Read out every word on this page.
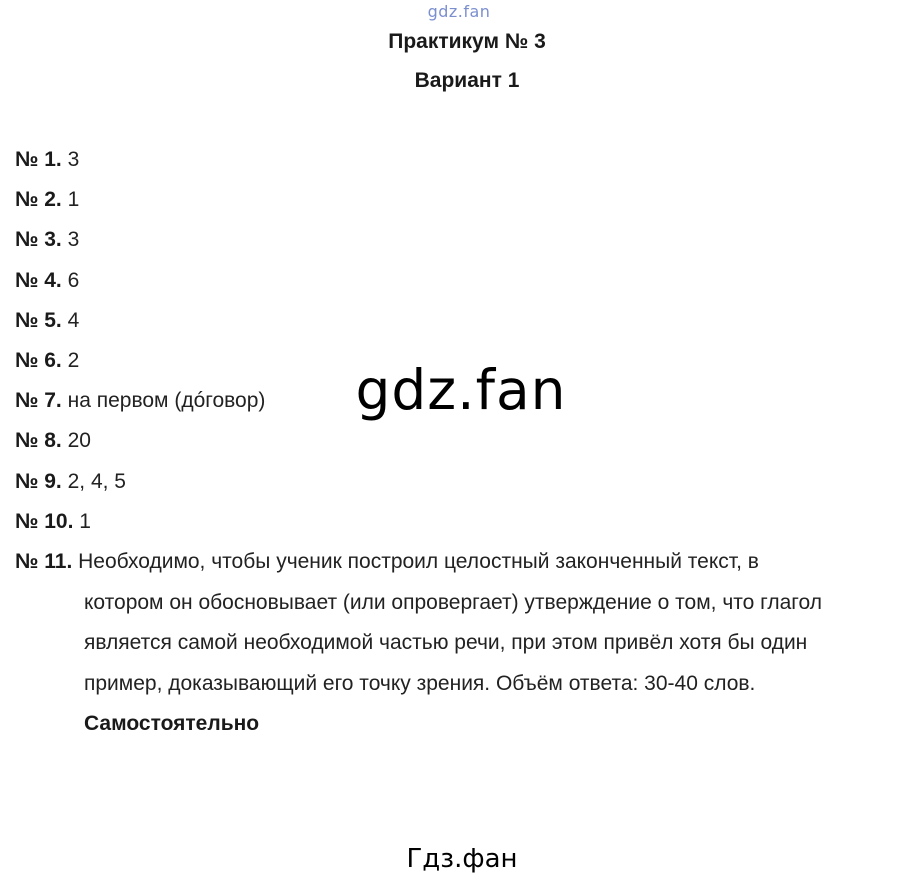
gdz.fan
Практикум № 3
Вариант 1
№ 1. 3
№ 2. 1
№ 3. 3
№ 4. 6
№ 5. 4
№ 6. 2
№ 7. на первом (дóговор)
№ 8. 20
№ 9. 2, 4, 5
№ 10. 1
№ 11. Необходимо, чтобы ученик построил целостный законченный текст, в
котором он обосновывает (или опровергает) утверждение о том, что глагол
является самой необходимой частью речи, при этом привёл хотя бы один
пример, доказывающий его точку зрения. Объём ответа: 30-40 слов.
Самостоятельно
gdz.fan
Гдз.фан
